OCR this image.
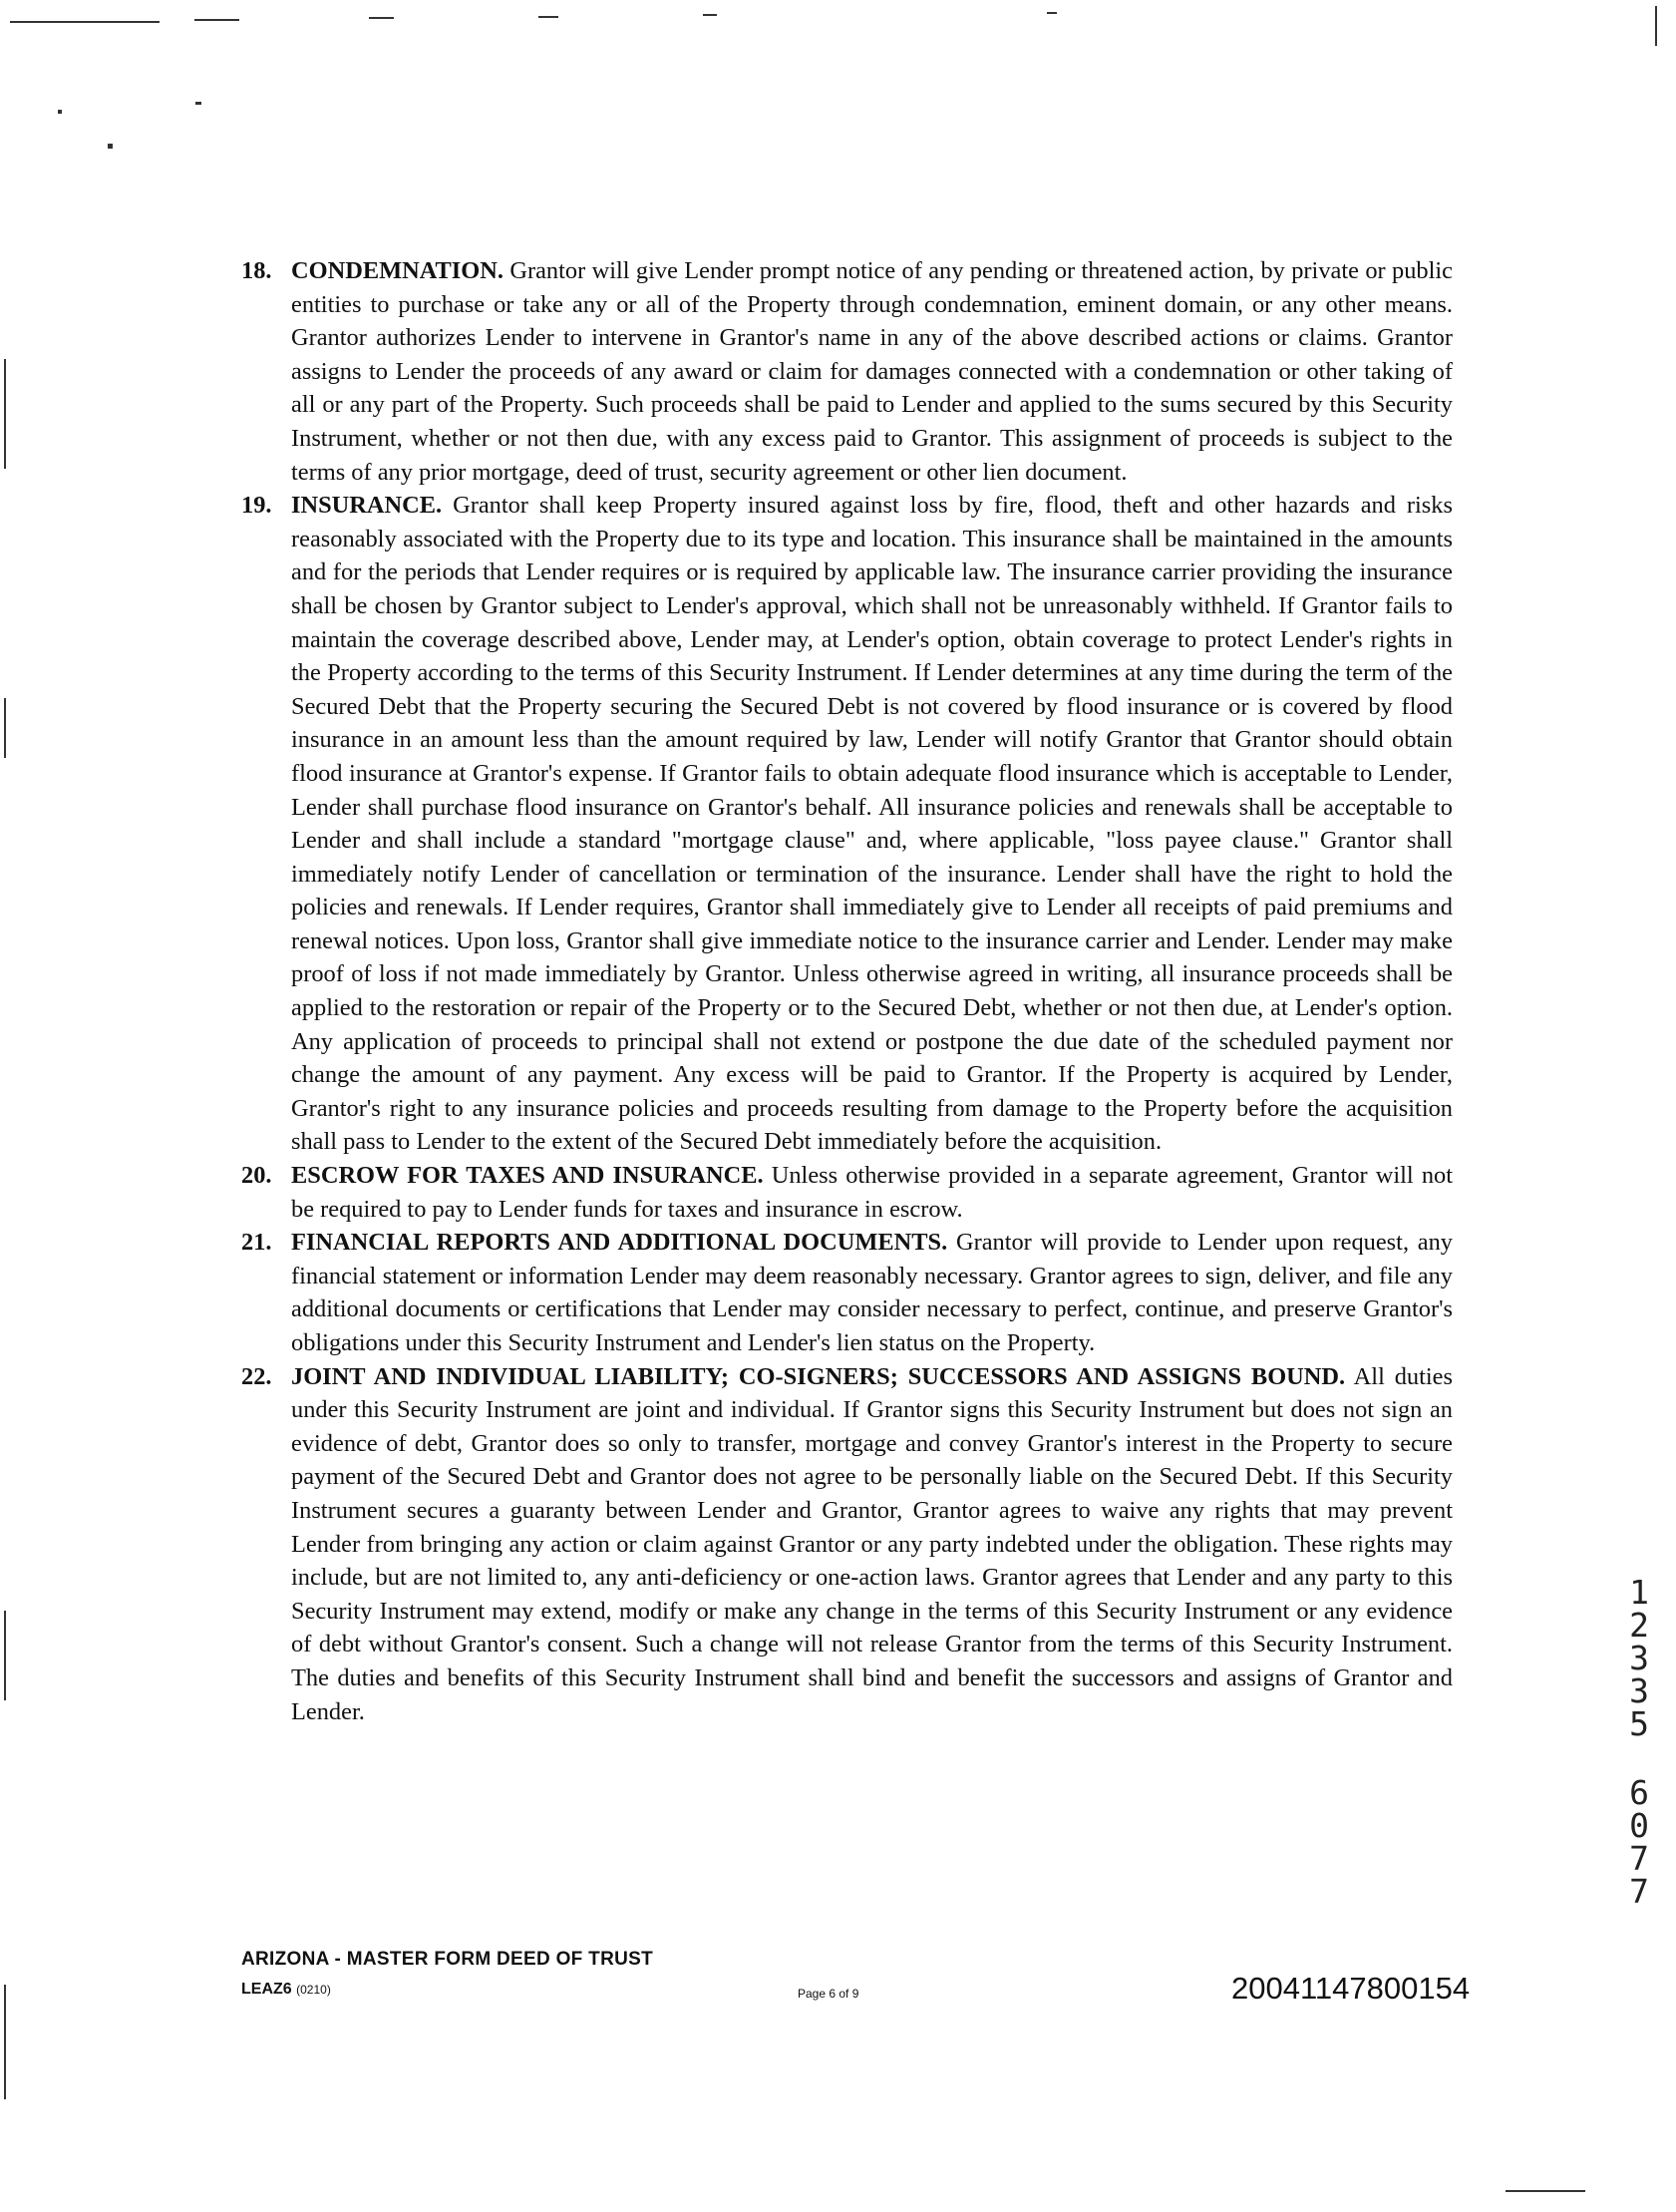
18. CONDEMNATION. Grantor will give Lender prompt notice of any pending or threatened action, by private or public entities to purchase or take any or all of the Property through condemnation, eminent domain, or any other means. Grantor authorizes Lender to intervene in Grantor's name in any of the above described actions or claims. Grantor assigns to Lender the proceeds of any award or claim for damages connected with a condemnation or other taking of all or any part of the Property. Such proceeds shall be paid to Lender and applied to the sums secured by this Security Instrument, whether or not then due, with any excess paid to Grantor. This assignment of proceeds is subject to the terms of any prior mortgage, deed of trust, security agreement or other lien document.
19. INSURANCE. Grantor shall keep Property insured against loss by fire, flood, theft and other hazards and risks reasonably associated with the Property due to its type and location. This insurance shall be maintained in the amounts and for the periods that Lender requires or is required by applicable law. The insurance carrier providing the insurance shall be chosen by Grantor subject to Lender's approval, which shall not be unreasonably withheld. If Grantor fails to maintain the coverage described above, Lender may, at Lender's option, obtain coverage to protect Lender's rights in the Property according to the terms of this Security Instrument. If Lender determines at any time during the term of the Secured Debt that the Property securing the Secured Debt is not covered by flood insurance or is covered by flood insurance in an amount less than the amount required by law, Lender will notify Grantor that Grantor should obtain flood insurance at Grantor's expense. If Grantor fails to obtain adequate flood insurance which is acceptable to Lender, Lender shall purchase flood insurance on Grantor's behalf. All insurance policies and renewals shall be acceptable to Lender and shall include a standard "mortgage clause" and, where applicable, "loss payee clause." Grantor shall immediately notify Lender of cancellation or termination of the insurance. Lender shall have the right to hold the policies and renewals. If Lender requires, Grantor shall immediately give to Lender all receipts of paid premiums and renewal notices. Upon loss, Grantor shall give immediate notice to the insurance carrier and Lender. Lender may make proof of loss if not made immediately by Grantor. Unless otherwise agreed in writing, all insurance proceeds shall be applied to the restoration or repair of the Property or to the Secured Debt, whether or not then due, at Lender's option. Any application of proceeds to principal shall not extend or postpone the due date of the scheduled payment nor change the amount of any payment. Any excess will be paid to Grantor. If the Property is acquired by Lender, Grantor's right to any insurance policies and proceeds resulting from damage to the Property before the acquisition shall pass to Lender to the extent of the Secured Debt immediately before the acquisition.
20. ESCROW FOR TAXES AND INSURANCE. Unless otherwise provided in a separate agreement, Grantor will not be required to pay to Lender funds for taxes and insurance in escrow.
21. FINANCIAL REPORTS AND ADDITIONAL DOCUMENTS. Grantor will provide to Lender upon request, any financial statement or information Lender may deem reasonably necessary. Grantor agrees to sign, deliver, and file any additional documents or certifications that Lender may consider necessary to perfect, continue, and preserve Grantor's obligations under this Security Instrument and Lender's lien status on the Property.
22. JOINT AND INDIVIDUAL LIABILITY; CO-SIGNERS; SUCCESSORS AND ASSIGNS BOUND. All duties under this Security Instrument are joint and individual. If Grantor signs this Security Instrument but does not sign an evidence of debt, Grantor does so only to transfer, mortgage and convey Grantor's interest in the Property to secure payment of the Secured Debt and Grantor does not agree to be personally liable on the Secured Debt. If this Security Instrument secures a guaranty between Lender and Grantor, Grantor agrees to waive any rights that may prevent Lender from bringing any action or claim against Grantor or any party indebted under the obligation. These rights may include, but are not limited to, any anti-deficiency or one-action laws. Grantor agrees that Lender and any party to this Security Instrument may extend, modify or make any change in the terms of this Security Instrument or any evidence of debt without Grantor's consent. Such a change will not release Grantor from the terms of this Security Instrument. The duties and benefits of this Security Instrument shall bind and benefit the successors and assigns of Grantor and Lender.
ARIZONA - MASTER FORM DEED OF TRUST
LEAZ6 (0210)	Page 6 of 9	20041147800154
1
2
3
3
5
6
0
7
7
